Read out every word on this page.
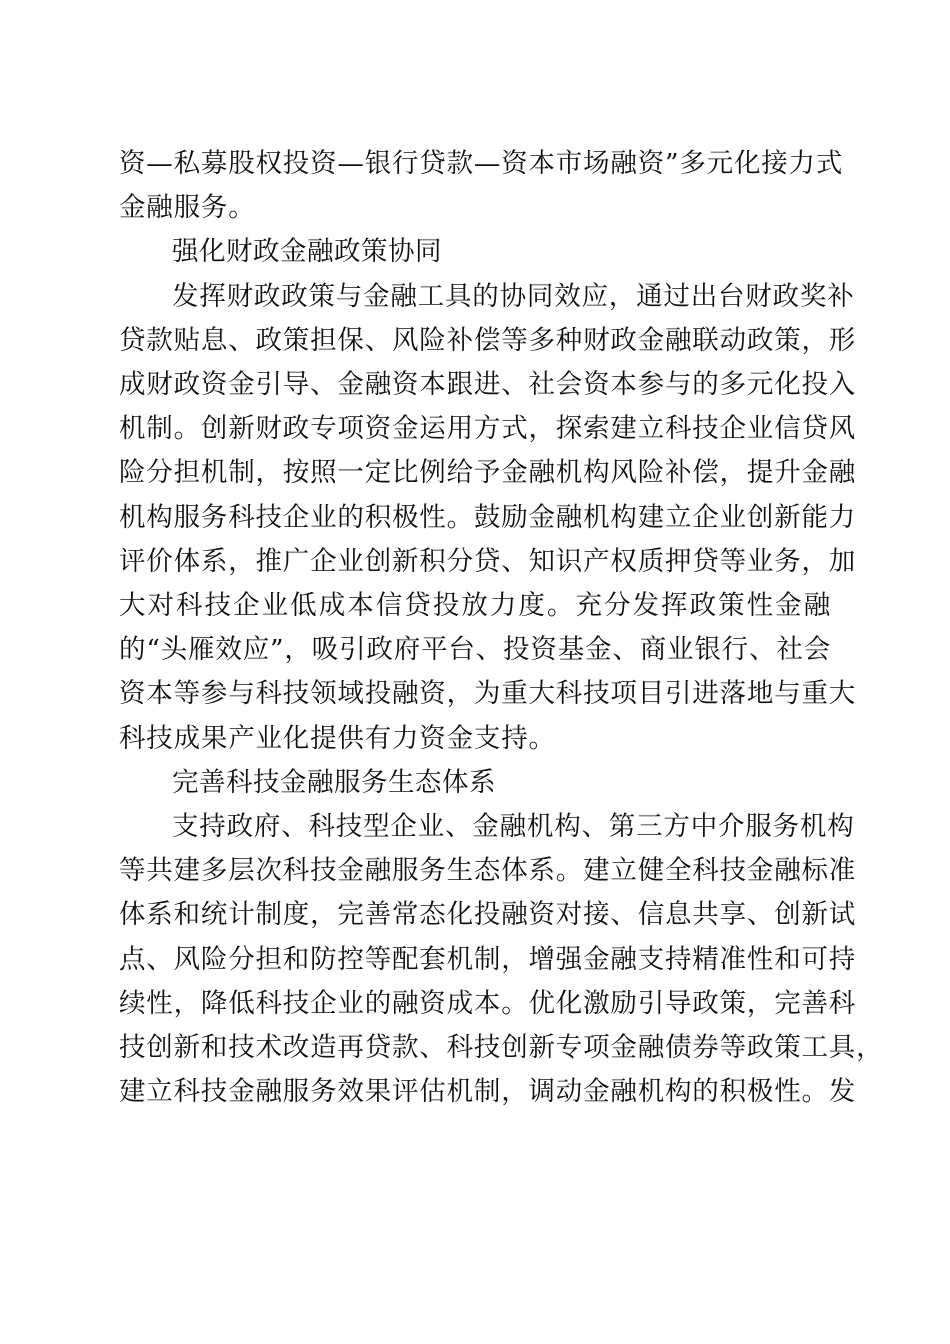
资—私募股权投资—银行贷款—资本市场融资”多元化接力式
金融服务。
强化财政金融政策协同
发挥财政政策与金融工具的协同效应，通过出台财政奖补
贷款贴息、政策担保、风险补偿等多种财政金融联动政策，形
成财政资金引导、金融资本跟进、社会资本参与的多元化投入
机制。创新财政专项资金运用方式，探索建立科技企业信贷风
险分担机制，按照一定比例给予金融机构风险补偿，提升金融
机构服务科技企业的积极性。鼓励金融机构建立企业创新能力
评价体系，推广企业创新积分贷、知识产权质押贷等业务，加
大对科技企业低成本信贷投放力度。充分发挥政策性金融
的“头雁效应”，吸引政府平台、投资基金、商业银行、社会
资本等参与科技领域投融资，为重大科技项目引进落地与重大
科技成果产业化提供有力资金支持。
完善科技金融服务生态体系
支持政府、科技型企业、金融机构、第三方中介服务机构
等共建多层次科技金融服务生态体系。建立健全科技金融标准
体系和统计制度，完善常态化投融资对接、信息共享、创新试
点、风险分担和防控等配套机制，增强金融支持精准性和可持
续性，降低科技企业的融资成本。优化激励引导政策，完善科
技创新和技术改造再贷款、科技创新专项金融债券等政策工具，
建立科技金融服务效果评估机制，调动金融机构的积极性。发
